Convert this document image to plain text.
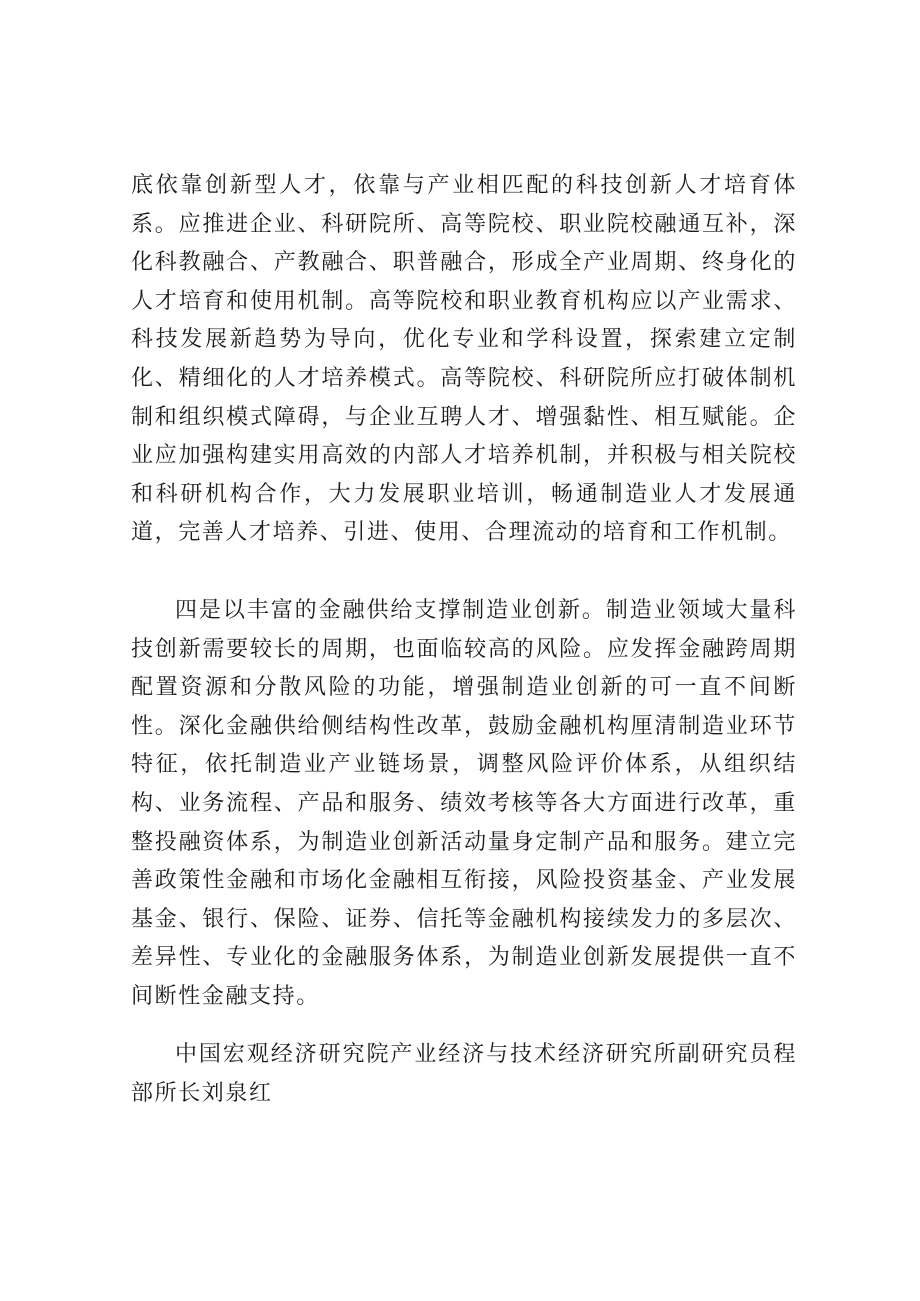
底依靠创新型人才，依靠与产业相匹配的科技创新人才培育体系。应推进企业、科研院所、高等院校、职业院校融通互补，深化科教融合、产教融合、职普融合，形成全产业周期、终身化的人才培育和使用机制。高等院校和职业教育机构应以产业需求、科技发展新趋势为导向，优化专业和学科设置，探索建立定制化、精细化的人才培养模式。高等院校、科研院所应打破体制机制和组织模式障碍，与企业互聘人才、增强黏性、相互赋能。企业应加强构建实用高效的内部人才培养机制，并积极与相关院校和科研机构合作，大力发展职业培训，畅通制造业人才发展通道，完善人才培养、引进、使用、合理流动的培育和工作机制。

四是以丰富的金融供给支撑制造业创新。制造业领域大量科技创新需要较长的周期，也面临较高的风险。应发挥金融跨周期配置资源和分散风险的功能，增强制造业创新的可一直不间断性。深化金融供给侧结构性改革，鼓励金融机构厘清制造业环节特征，依托制造业产业链场景，调整风险评价体系，从组织结构、业务流程、产品和服务、绩效考核等各大方面进行改革，重整投融资体系，为制造业创新活动量身定制产品和服务。建立完善政策性金融和市场化金融相互衔接，风险投资基金、产业发展基金、银行、保险、证券、信托等金融机构接续发力的多层次、差异性、专业化的金融服务体系，为制造业创新发展提供一直不间断性金融支持。

中国宏观经济研究院产业经济与技术经济研究所副研究员程部所长刘泉红
